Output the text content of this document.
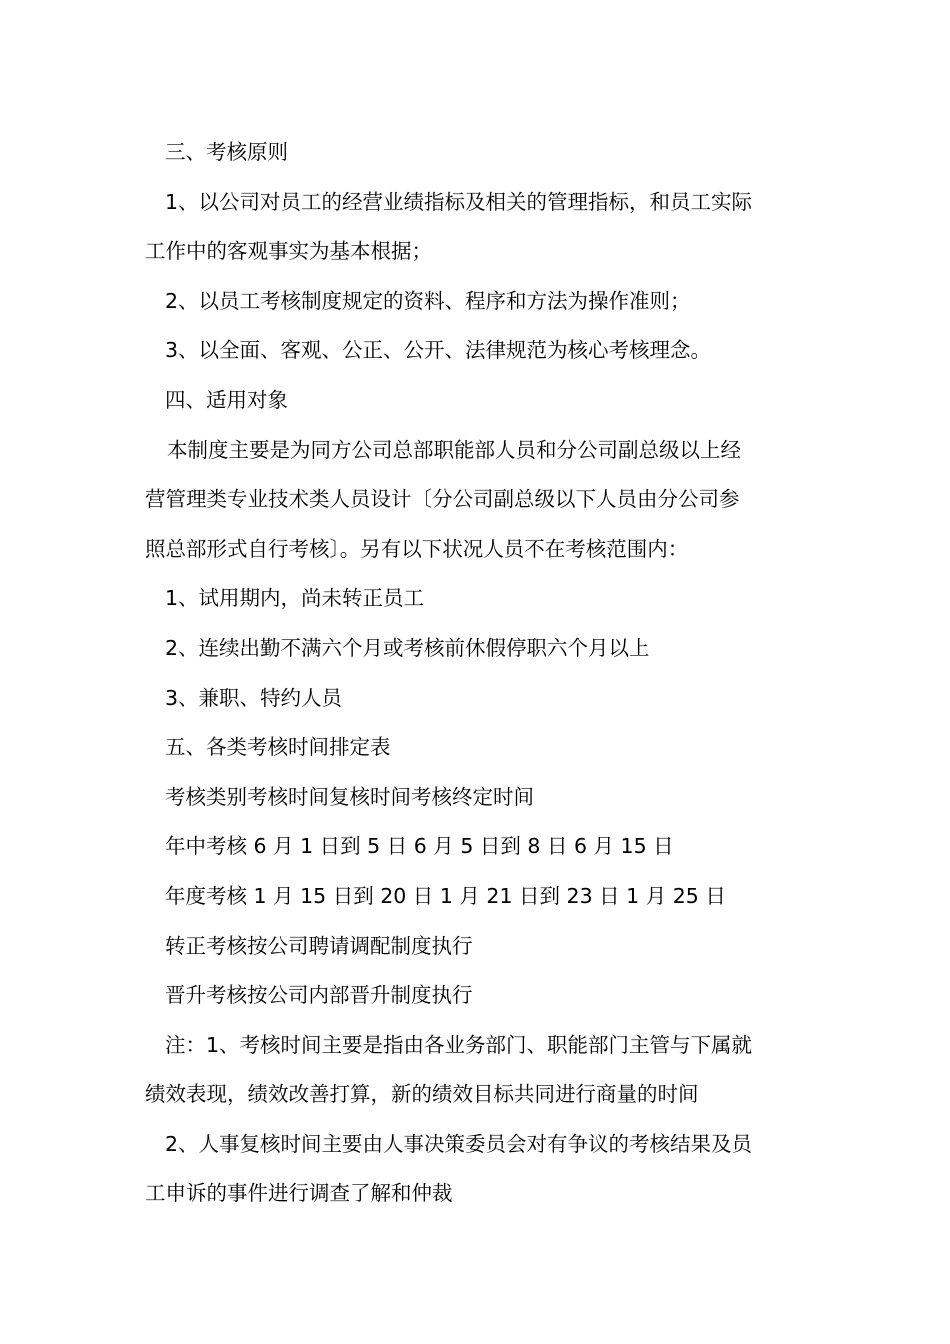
三、考核原则
1、以公司对员工的经营业绩指标及相关的管理指标，和员工实际
工作中的客观事实为基本根据；
2、以员工考核制度规定的资料、程序和方法为操作准则；
3、以全面、客观、公正、公开、法律规范为核心考核理念。
四、适用对象
本制度主要是为同方公司总部职能部人员和分公司副总级以上经
营管理类专业技术类人员设计〔分公司副总级以下人员由分公司参
照总部形式自行考核〕。另有以下状况人员不在考核范围内：
1、试用期内，尚未转正员工
2、连续出勤不满六个月或考核前休假停职六个月以上
3、兼职、特约人员
五、各类考核时间排定表
考核类别考核时间复核时间考核终定时间
年中考核 6 月 1 日到 5 日 6 月 5 日到 8 日 6 月 15 日
年度考核 1 月 15 日到 20 日 1 月 21 日到 23 日 1 月 25 日
转正考核按公司聘请调配制度执行
晋升考核按公司内部晋升制度执行
注：1、考核时间主要是指由各业务部门、职能部门主管与下属就
绩效表现，绩效改善打算，新的绩效目标共同进行商量的时间
2、人事复核时间主要由人事决策委员会对有争议的考核结果及员
工申诉的事件进行调查了解和仲裁
